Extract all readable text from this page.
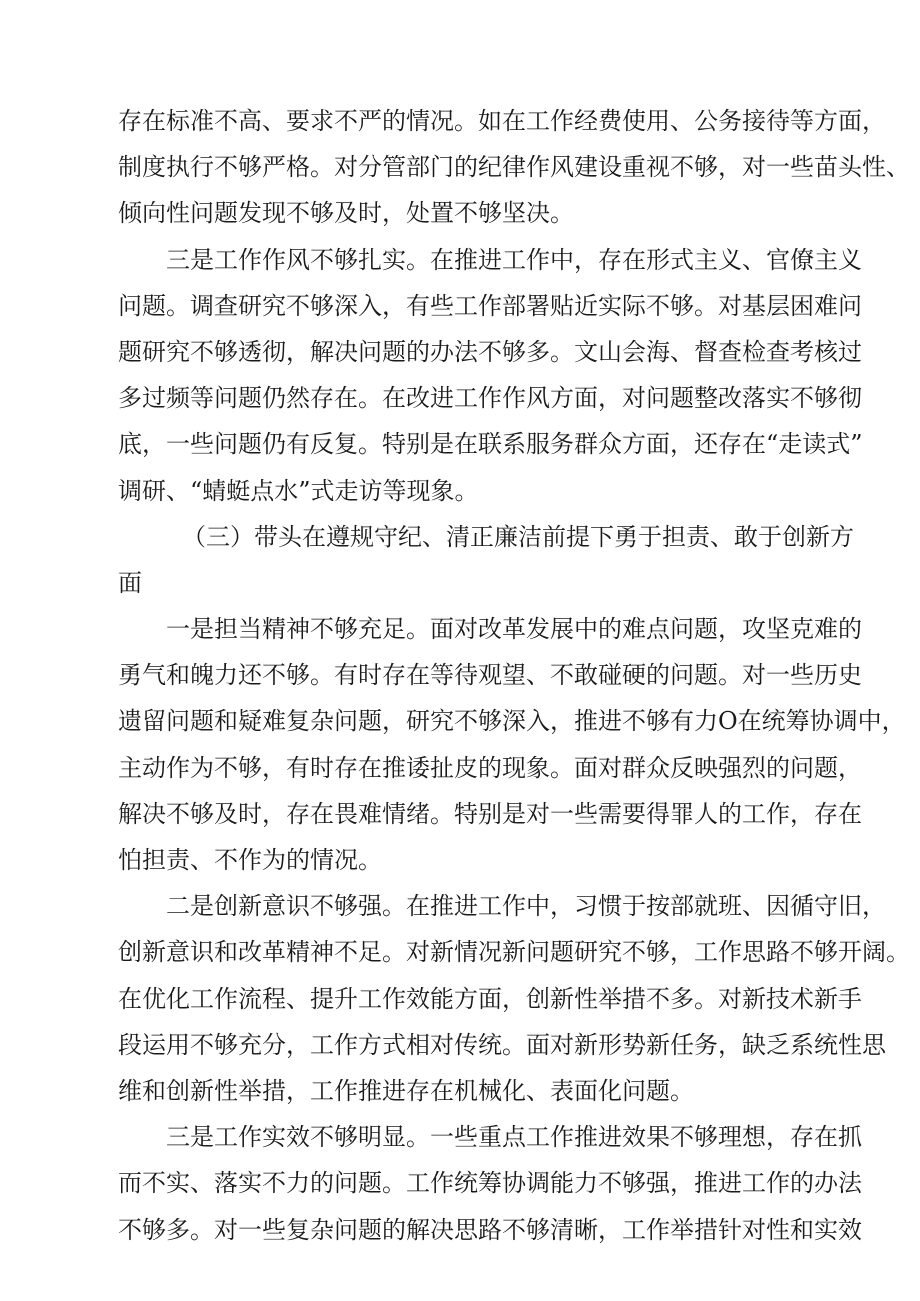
存在标准不高、要求不严的情况。如在工作经费使用、公务接待等方面，
制度执行不够严格。对分管部门的纪律作风建设重视不够，对一些苗头性、
倾向性问题发现不够及时，处置不够坚决。
三是工作作风不够扎实。在推进工作中，存在形式主义、官僚主义
问题。调查研究不够深入，有些工作部署贴近实际不够。对基层困难问
题研究不够透彻，解决问题的办法不够多。文山会海、督查检查考核过
多过频等问题仍然存在。在改进工作作风方面，对问题整改落实不够彻
底，一些问题仍有反复。特别是在联系服务群众方面，还存在“走读式”
调研、“蜻蜓点水”式走访等现象。
（三）带头在遵规守纪、清正廉洁前提下勇于担责、敢于创新方
面
一是担当精神不够充足。面对改革发展中的难点问题，攻坚克难的
勇气和魄力还不够。有时存在等待观望、不敢碰硬的问题。对一些历史
遗留问题和疑难复杂问题，研究不够深入，推进不够有力O在统筹协调中，
主动作为不够，有时存在推诿扯皮的现象。面对群众反映强烈的问题，
解决不够及时，存在畏难情绪。特别是对一些需要得罪人的工作，存在
怕担责、不作为的情况。
二是创新意识不够强。在推进工作中，习惯于按部就班、因循守旧，
创新意识和改革精神不足。对新情况新问题研究不够，工作思路不够开阔。
在优化工作流程、提升工作效能方面，创新性举措不多。对新技术新手
段运用不够充分，工作方式相对传统。面对新形势新任务，缺乏系统性思
维和创新性举措，工作推进存在机械化、表面化问题。
三是工作实效不够明显。一些重点工作推进效果不够理想，存在抓
而不实、落实不力的问题。工作统筹协调能力不够强，推进工作的办法
不够多。对一些复杂问题的解决思路不够清晰，工作举措针对性和实效
